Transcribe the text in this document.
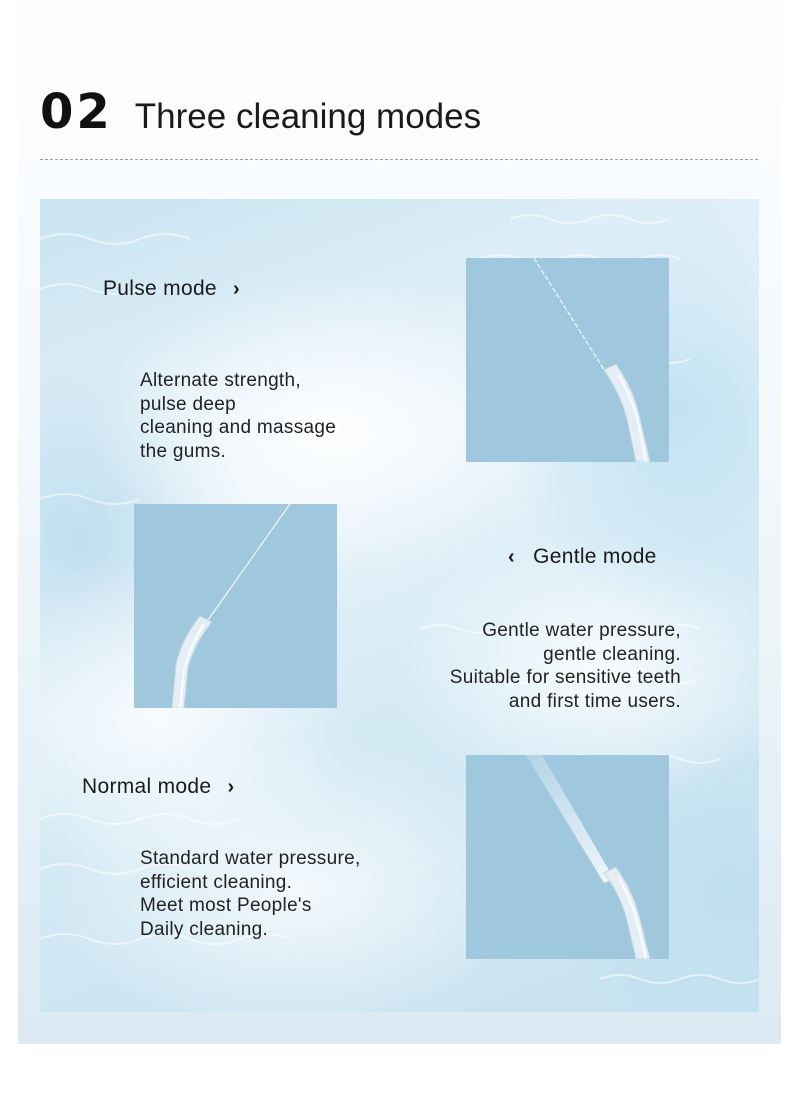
02 Three cleaning modes
Pulse mode ›
Alternate strength,
pulse deep
cleaning and massage
the gums.
‹ Gentle mode
Gentle water pressure,
gentle cleaning.
Suitable for sensitive teeth
and first time users.
Normal mode ›
Standard water pressure,
efficient cleaning.
Meet most People's
Daily cleaning.
